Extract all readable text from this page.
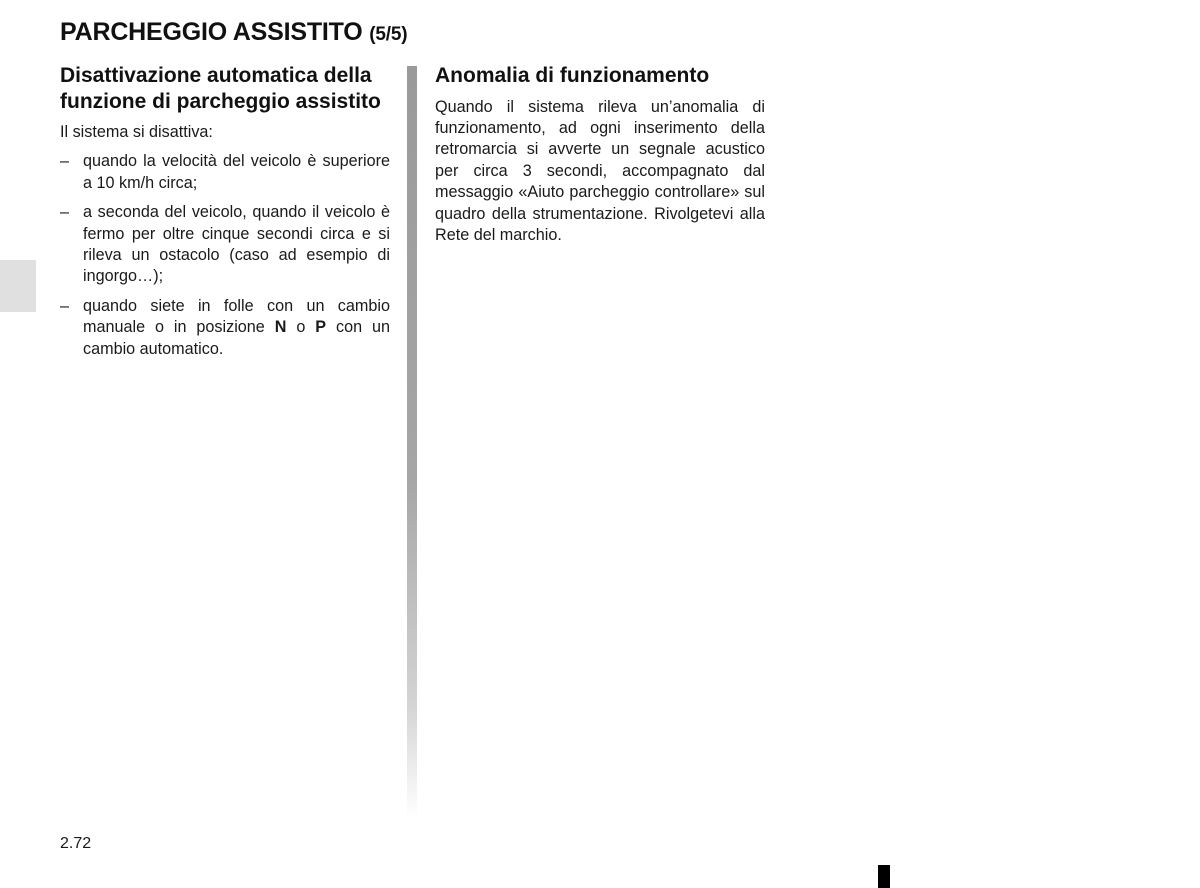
PARCHEGGIO ASSISTITO (5/5)
Disattivazione automatica della funzione di parcheggio assistito

Il sistema si disattiva:

– quando la velocità del veicolo è superiore a 10 km/h circa;
– a seconda del veicolo, quando il veicolo è fermo per oltre cinque secondi circa e si rileva un ostacolo (caso ad esempio di ingorgo…);
– quando siete in folle con un cambio manuale o in posizione N o P con un cambio automatico.
Anomalia di funzionamento

Quando il sistema rileva un’anomalia di funzionamento, ad ogni inserimento della retromarcia si avverte un segnale acustico per circa 3 secondi, accompagnato dal messaggio «Aiuto parcheggio controllare» sul quadro della strumentazione. Rivolgetevi alla Rete del marchio.

2.72
